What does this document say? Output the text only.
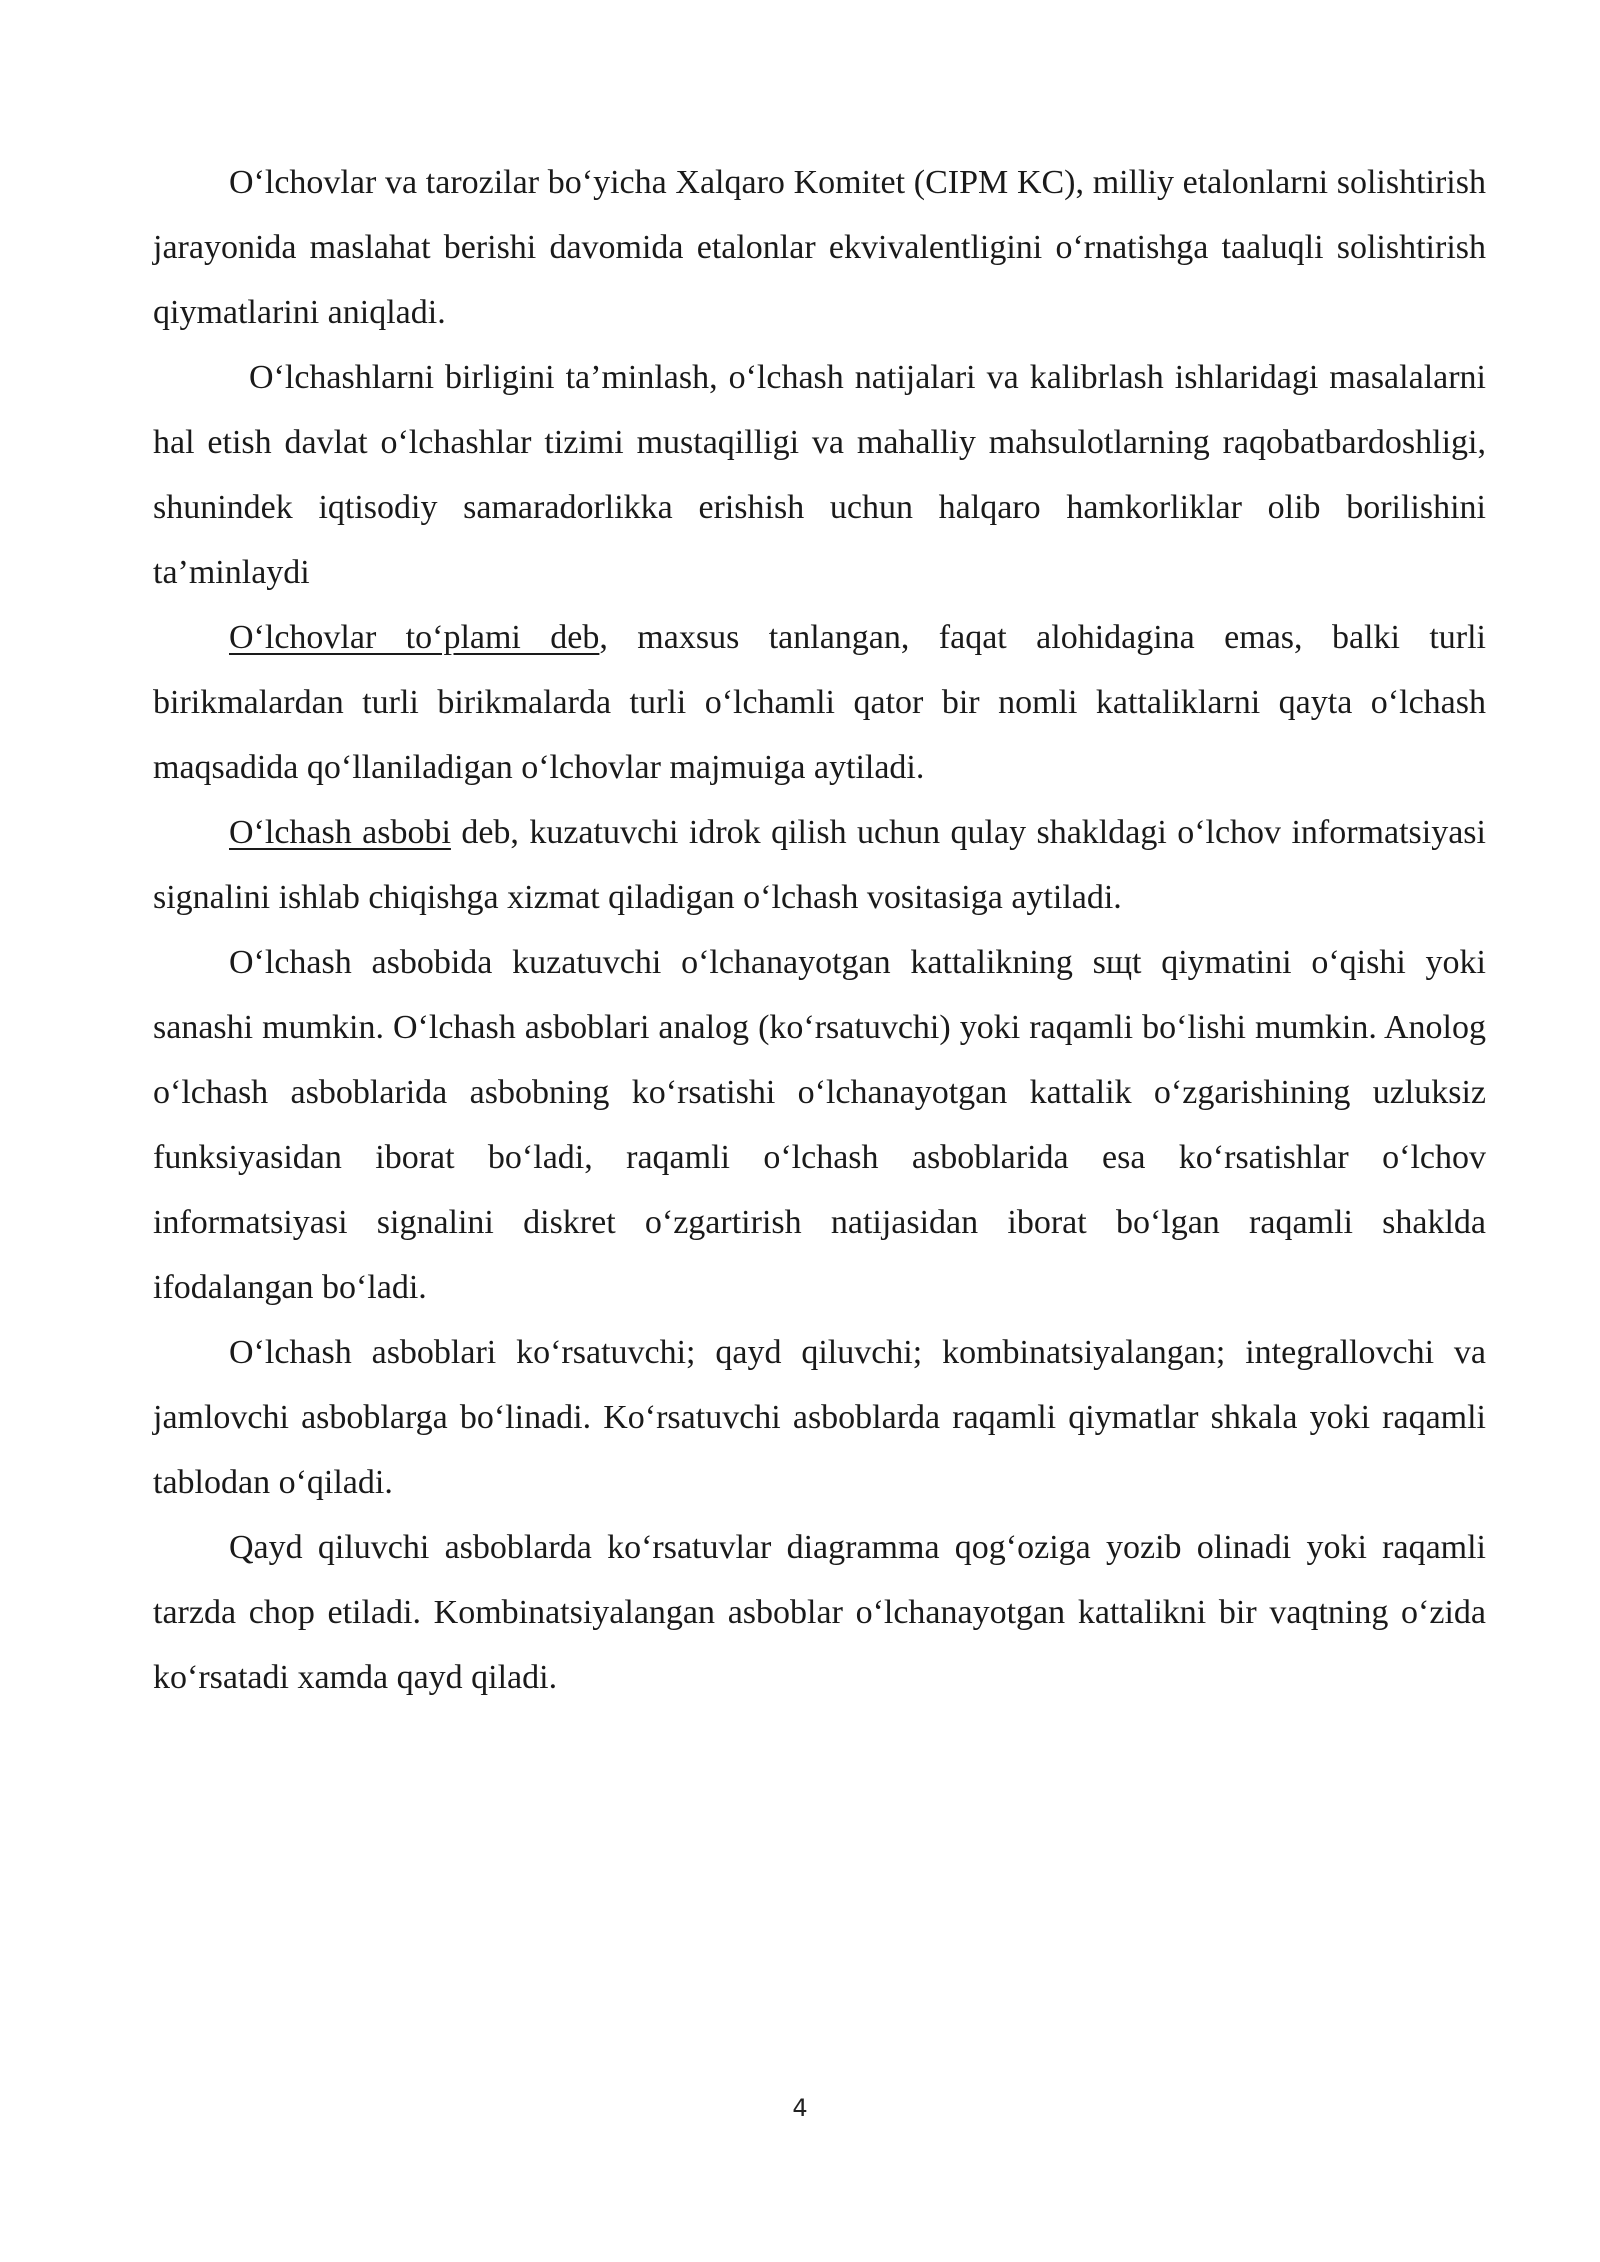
O‘lchovlar va tarozilar bo‘yicha Xalqaro Komitet (CIPM KC), milliy etalonlarni solishtirish jarayonida maslahat berishi davomida etalonlar ekvivalentligini o‘rnatishga taaluqli solishtirish qiymatlarini aniqladi.

O‘lchashlarni birligini ta’minlash, o‘lchash natijalari va kalibrlash ishlaridagi masalalarni hal etish davlat o‘lchashlar tizimi mustaqilligi va mahalliy mahsulotlarning raqobatbardoshligi, shunindek iqtisodiy samaradorlikka erishish uchun halqaro hamkorliklar olib borilishini ta’minlaydi

O‘lchovlar to‘plami deb, maxsus tanlangan, faqat alohidagina emas, balki turli birikmalardan turli birikmalarda turli o‘lchamli qator bir nomli kattaliklarni qayta o‘lchash maqsadida qo‘llaniladigan o‘lchovlar majmuiga aytiladi.

O‘lchash asbobi deb, kuzatuvchi idrok qilish uchun qulay shakldagi o‘lchov informatsiyasi signalini ishlab chiqishga xizmat qiladigan o‘lchash vositasiga aytiladi.

O‘lchash asbobida kuzatuvchi o‘lchanayotgan kattalikning sщt qiymatini o‘qishi yoki sanashi mumkin. O‘lchash asboblari analog (ko‘rsatuvchi) yoki raqamli bo‘lishi mumkin. Anolog o‘lchash asboblarida asbobning ko‘rsatishi o‘lchanayotgan kattalik o‘zgarishining uzluksiz funksiyasidan iborat bo‘ladi, raqamli o‘lchash asboblarida esa ko‘rsatishlar o‘lchov informatsiyasi signalini diskret o‘zgartirish natijasidan iborat bo‘lgan raqamli shaklda ifodalangan bo‘ladi.

O‘lchash asboblari ko‘rsatuvchi; qayd qiluvchi; kombinatsiyalangan; integrallovchi va jamlovchi asboblarga bo‘linadi. Ko‘rsatuvchi asboblarda raqamli qiymatlar shkala yoki raqamli tablodan o‘qiladi.

Qayd qiluvchi asboblarda ko‘rsatuvlar diagramma qog‘oziga yozib olinadi yoki raqamli tarzda chop etiladi. Kombinatsiyalangan asboblar o‘lchanayotgan kattalikni bir vaqtning o‘zida ko‘rsatadi xamda qayd qiladi.

4
